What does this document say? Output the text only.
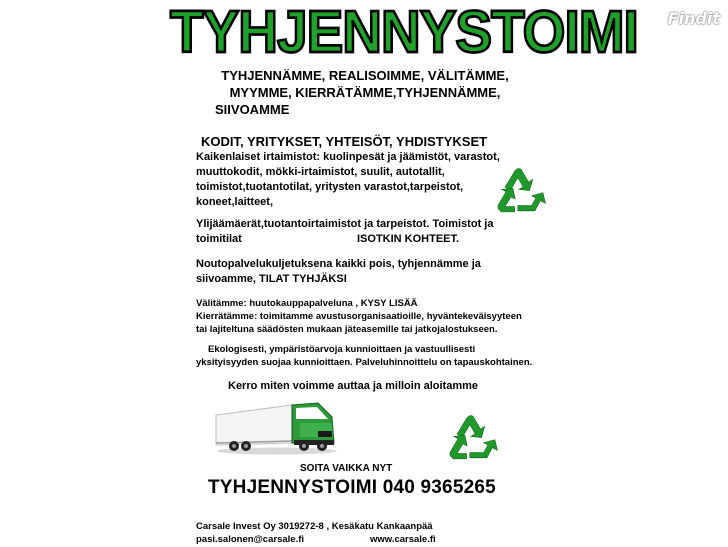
TYHJENNYSTOIMI Findit
TYHJENNÄMME, REALISOIMME, VÄLITÄMME,
MYYMME, KIERRÄTÄMME,TYHJENNÄMME,
SIIVOAMME
KODIT, YRITYKSET, YHTEISÖT, YHDISTYKSET
Kaikenlaiset irtaimistot: kuolinpesät ja jäämistöt, varastot,
muuttokodit, mökki-irtaimistot, suulit, autotallit,
toimistot,tuotantotilat, yritysten varastot,tarpeistot,
koneet,laitteet,
Ylijäämäerät,tuotantoirtaimistot ja tarpeistot. Toimistot ja
toimitilat	ISOTKIN KOHTEET.
Noutopalvelukuljetuksena kaikki pois, tyhjennämme ja
siivoamme, TILAT TYHJÄKSI
Välitämme: huutokauppapalveluna , KYSY LISÄÄ
Kierrätämme: toimitamme avustusorganisaatioille, hyväntekeväisyyteen
tai lajiteltuna säädösten mukaan jäteasemille tai jatkojalostukseen.
Ekologisesti, ympäristöarvoja kunnioittaen ja vastuullisesti
yksityisyyden suojaa kunnioittaen. Palveluhinnoittelu on tapauskohtainen.
Kerro miten voimme auttaa ja milloin aloitamme
SOITA VAIKKA NYT
TYHJENNYSTOIMI 040 9365265
Carsale Invest Oy 3019272-8 , Kesäkatu Kankaanpää
pasi.salonen@carsale.fi	www.carsale.fi
